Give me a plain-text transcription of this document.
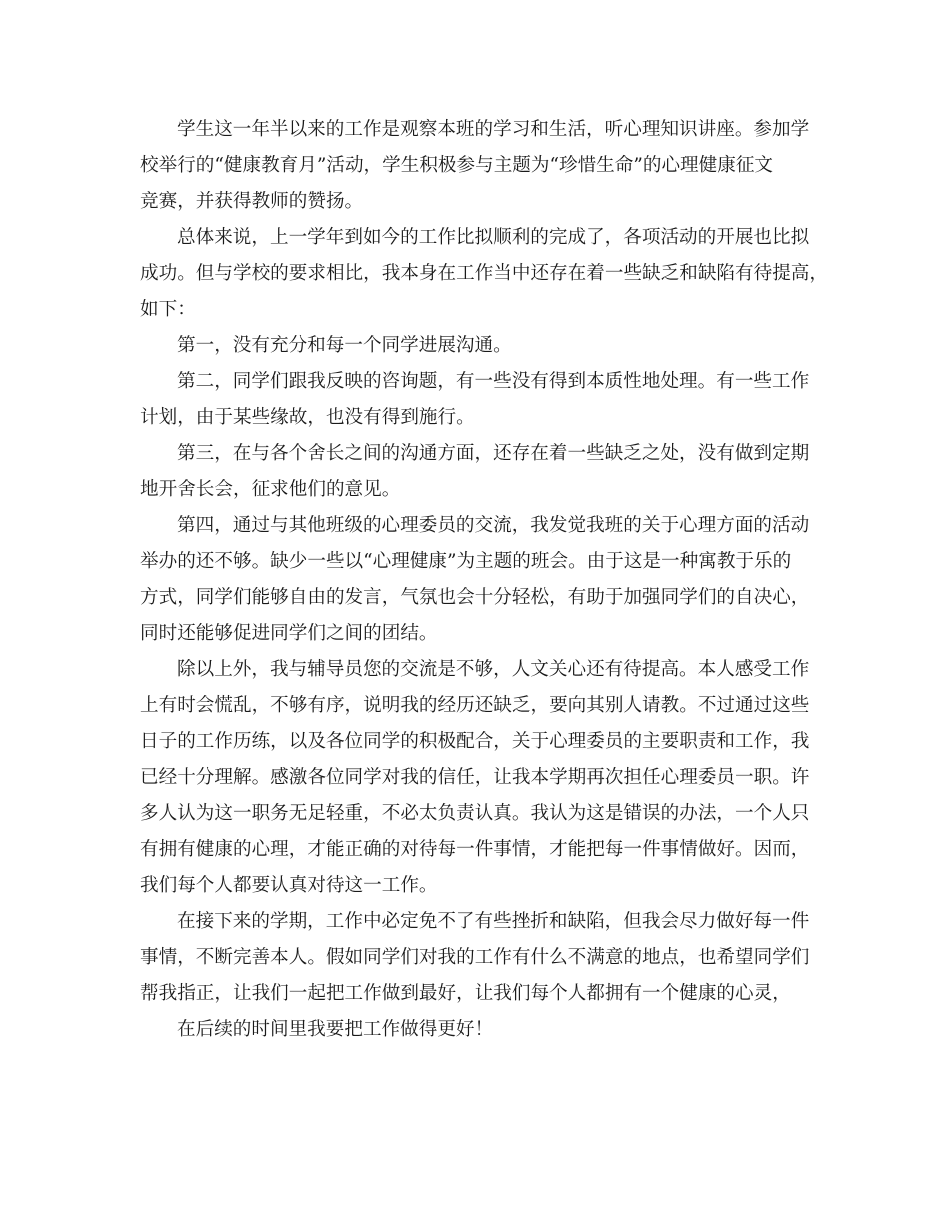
学生这一年半以来的工作是观察本班的学习和生活，听心理知识讲座。参加学
校举行的“健康教育月”活动，学生积极参与主题为“珍惜生命”的心理健康征文
竞赛，并获得教师的赞扬。
总体来说，上一学年到如今的工作比拟顺利的完成了，各项活动的开展也比拟
成功。但与学校的要求相比，我本身在工作当中还存在着一些缺乏和缺陷有待提高，
如下：
第一，没有充分和每一个同学进展沟通。
第二，同学们跟我反映的咨询题，有一些没有得到本质性地处理。有一些工作
计划，由于某些缘故，也没有得到施行。
第三，在与各个舍长之间的沟通方面，还存在着一些缺乏之处，没有做到定期
地开舍长会，征求他们的意见。
第四，通过与其他班级的心理委员的交流，我发觉我班的关于心理方面的活动
举办的还不够。缺少一些以“心理健康”为主题的班会。由于这是一种寓教于乐的
方式，同学们能够自由的发言，气氛也会十分轻松，有助于加强同学们的自决心，
同时还能够促进同学们之间的团结。
除以上外，我与辅导员您的交流是不够，人文关心还有待提高。本人感受工作
上有时会慌乱，不够有序，说明我的经历还缺乏，要向其别人请教。不过通过这些
日子的工作历练，以及各位同学的积极配合，关于心理委员的主要职责和工作，我
已经十分理解。感激各位同学对我的信任，让我本学期再次担任心理委员一职。许
多人认为这一职务无足轻重，不必太负责认真。我认为这是错误的办法，一个人只
有拥有健康的心理，才能正确的对待每一件事情，才能把每一件事情做好。因而，
我们每个人都要认真对待这一工作。
在接下来的学期，工作中必定免不了有些挫折和缺陷，但我会尽力做好每一件
事情，不断完善本人。假如同学们对我的工作有什么不满意的地点，也希望同学们
帮我指正，让我们一起把工作做到最好，让我们每个人都拥有一个健康的心灵，
在后续的时间里我要把工作做得更好！
